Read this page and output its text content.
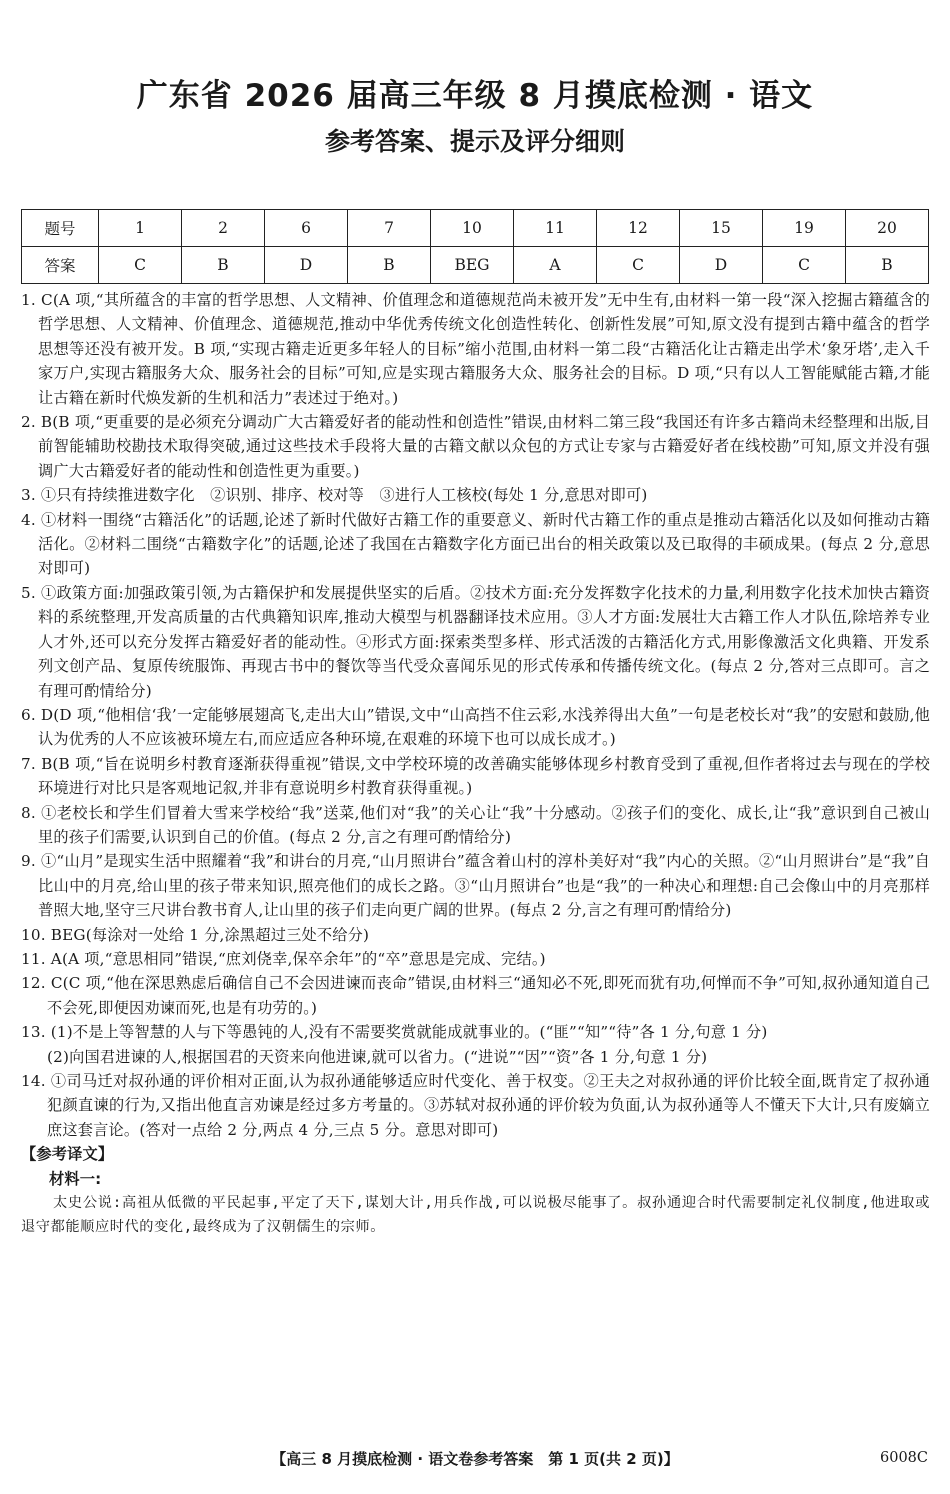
广东省 2026 届高三年级 8 月摸底检测 · 语文
参考答案、提示及评分细则
题号	1	2	6	7	10	11	12	15	19	20
答案	C	B	D	B	BEG	A	C	D	C	B

1. C(A 项,“其所蕴含的丰富的哲学思想、人文精神、价值理念和道德规范尚未被开发”无中生有,由材料一第一段“深入挖掘古籍蕴含的哲学思想、人文精神、价值理念、道德规范,推动中华优秀传统文化创造性转化、创新性发展”可知,原文没有提到古籍中蕴含的哲学思想等还没有被开发。B 项,“实现古籍走近更多年轻人的目标”缩小范围,由材料一第二段“古籍活化让古籍走出学术‘象牙塔’,走入千家万户,实现古籍服务大众、服务社会的目标”可知,应是实现古籍服务大众、服务社会的目标。D 项,“只有以人工智能赋能古籍,才能让古籍在新时代焕发新的生机和活力”表述过于绝对。)

2. B(B 项,“更重要的是必须充分调动广大古籍爱好者的能动性和创造性”错误,由材料二第三段“我国还有许多古籍尚未经整理和出版,目前智能辅助校勘技术取得突破,通过这些技术手段将大量的古籍文献以众包的方式让专家与古籍爱好者在线校勘”可知,原文并没有强调广大古籍爱好者的能动性和创造性更为重要。)

3. ①只有持续推进数字化　②识别、排序、校对等　③进行人工核校(每处 1 分,意思对即可)

4. ①材料一围绕“古籍活化”的话题,论述了新时代做好古籍工作的重要意义、新时代古籍工作的重点是推动古籍活化以及如何推动古籍活化。②材料二围绕“古籍数字化”的话题,论述了我国在古籍数字化方面已出台的相关政策以及已取得的丰硕成果。(每点 2 分,意思对即可)

5. ①政策方面:加强政策引领,为古籍保护和发展提供坚实的后盾。②技术方面:充分发挥数字化技术的力量,利用数字化技术加快古籍资料的系统整理,开发高质量的古代典籍知识库,推动大模型与机器翻译技术应用。③人才方面:发展壮大古籍工作人才队伍,除培养专业人才外,还可以充分发挥古籍爱好者的能动性。④形式方面:探索类型多样、形式活泼的古籍活化方式,用影像激活文化典籍、开发系列文创产品、复原传统服饰、再现古书中的餐饮等当代受众喜闻乐见的形式传承和传播传统文化。(每点 2 分,答对三点即可。言之有理可酌情给分)

6. D(D 项,“他相信‘我’一定能够展翅高飞,走出大山”错误,文中“山高挡不住云彩,水浅养得出大鱼”一句是老校长对“我”的安慰和鼓励,他认为优秀的人不应该被环境左右,而应适应各种环境,在艰难的环境下也可以成长成才。)

7. B(B 项,“旨在说明乡村教育逐渐获得重视”错误,文中学校环境的改善确实能够体现乡村教育受到了重视,但作者将过去与现在的学校环境进行对比只是客观地记叙,并非有意说明乡村教育获得重视。)

8. ①老校长和学生们冒着大雪来学校给“我”送菜,他们对“我”的关心让“我”十分感动。②孩子们的变化、成长,让“我”意识到自己被山里的孩子们需要,认识到自己的价值。(每点 2 分,言之有理可酌情给分)

9. ①“山月”是现实生活中照耀着“我”和讲台的月亮,“山月照讲台”蕴含着山村的淳朴美好对“我”内心的关照。②“山月照讲台”是“我”自比山中的月亮,给山里的孩子带来知识,照亮他们的成长之路。③“山月照讲台”也是“我”的一种决心和理想:自己会像山中的月亮那样普照大地,坚守三尺讲台教书育人,让山里的孩子们走向更广阔的世界。(每点 2 分,言之有理可酌情给分)

10. BEG(每涂对一处给 1 分,涂黑超过三处不给分)

11. A(A 项,“意思相同”错误,“庶刘侥幸,保卒余年”的“卒”意思是完成、完结。)

12. C(C 项,“他在深思熟虑后确信自己不会因进谏而丧命”错误,由材料三“通知必不死,即死而犹有功,何惮而不争”可知,叔孙通知道自己不会死,即便因劝谏而死,也是有功劳的。)

13. (1)不是上等智慧的人与下等愚钝的人,没有不需要奖赏就能成就事业的。(“匪”“知”“待”各 1 分,句意 1 分)

(2)向国君进谏的人,根据国君的天资来向他进谏,就可以省力。(“进说”“因”“资”各 1 分,句意 1 分)

14. ①司马迁对叔孙通的评价相对正面,认为叔孙通能够适应时代变化、善于权变。②王夫之对叔孙通的评价比较全面,既肯定了叔孙通犯颜直谏的行为,又指出他直言劝谏是经过多方考量的。③苏轼对叔孙通的评价较为负面,认为叔孙通等人不懂天下大计,只有废嫡立庶这套言论。(答对一点给 2 分,两点 4 分,三点 5 分。意思对即可)

【参考译文】

材料一:

太史公说:高祖从低微的平民起事,平定了天下,谋划大计,用兵作战,可以说极尽能事了。叔孙通迎合时代需要制定礼仪制度,他进取或退守都能顺应时代的变化,最终成为了汉朝儒生的宗师。

【高三 8 月摸底检测 · 语文卷参考答案　第 1 页(共 2 页)】	6008C
